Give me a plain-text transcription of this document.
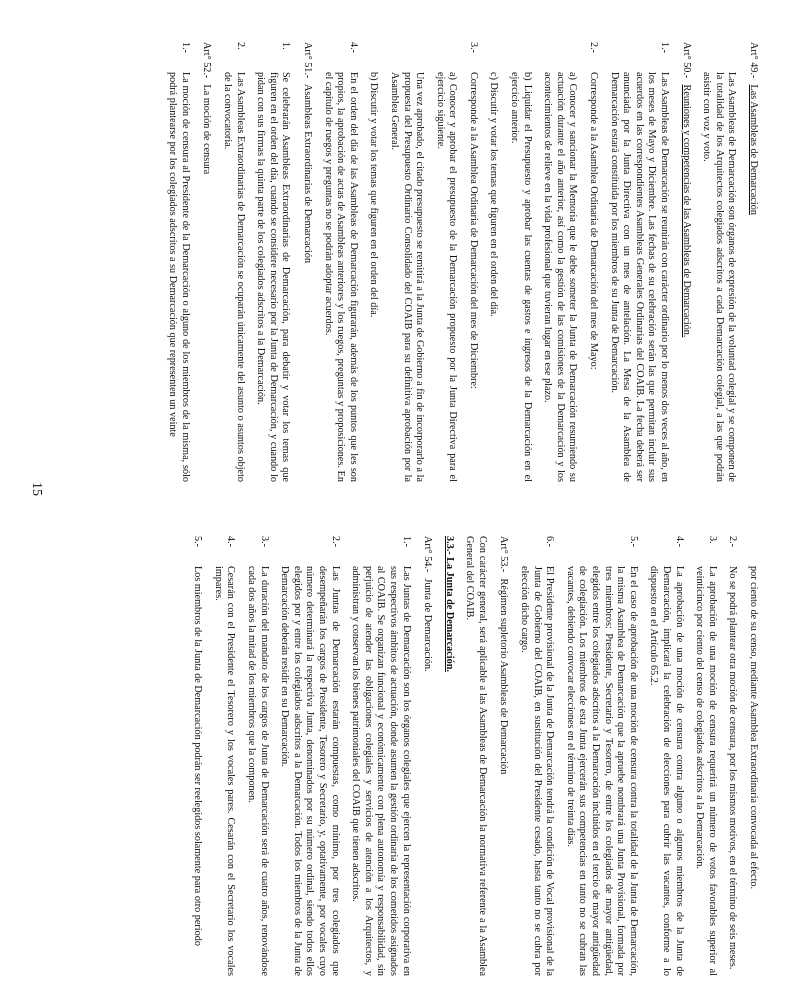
Art° 49.- Las Asambleas de Demarcación
Las Asambleas de Demarcación son órganos de expresión de la voluntad colegial y se componen de la totalidad de los Arquitectos colegiados adscritos a cada Demarcación colegial, a las que podrán asistir con voz y voto.
Art° 50.- Reuniones y competencias de las Asambleas de Demarcación.
1.-
Las Asambleas de Demarcación se reunirán con carácter ordinario por lo menos dos veces al año, en los meses de Mayo y Diciembre. Las fechas de su celebración serán las que permitan incluir sus acuerdos en las correspondientes Asambleas Generales Ordinarias del COAIB. La fecha deberá ser anunciada por la Junta Directiva con un mes de antelación. La Mesa de la Asamblea de Demarcación estará constituida por los miembros de su Junta de Demarcación.
2.-
Corresponde a la Asamblea Ordinaria de Demarcación del mes de Mayo:
a) Conocer y sancionar la Memoria que le debe someter la Junta de Demarcación resumiendo su actuación durante el año anterior, así como la gestión de las comisiones de la Demarcación y los acontecimientos de relieve en la vida profesional que tuvieran lugar en ese plazo.
b) Liquidar el Presupuesto y aprobar las cuentas de gastos e ingresos de la Demarcación en el ejercicio anterior.
c) Discutir y votar los temas que figuren en el orden del día.
3.-
Corresponde a la Asamblea Ordinaria de Demarcación del mes de Diciembre:
a) Conocer y aprobar el presupuesto de la Demarcación propuesto por la Junta Directiva para el ejercicio siguiente.
Una vez aprobado, el citado presupuesto se remitirá a la Junta de Gobierno a fin de incorporarlo a la propuesta del Presupuesto Ordinario Consolidado del COAIB para su definitiva aprobación por la Asamblea General.
b) Discutir y votar los temas que figuren en el orden del día.
4.-
En el orden del día de las Asambleas de Demarcación figurarán, además de los puntos que les son propios, la aprobación de actas de Asambleas anteriores y los ruegos, preguntas y proposiciones. En el capítulo de ruegos y preguntas no se podrán adoptar acuerdos.
Art° 51.- Asambleas Extraordinarias de Demarcación
1.
Se celebrarán Asambleas Extraordinarias de Demarcación, para debatir y votar los temas que figuren en el orden del día, cuando se considere necesario por la Junta de Demarcación, y cuando lo pidan con sus firmas la quinta parte de los colegiados adscritos a la Demarcación.
2.
Las Asambleas Extraordinarias de Demarcación se ocuparán únicamente del asunto o asuntos objeto de la convocatoria.
Art° 52.- La moción de censura
1.-
La moción de censura al Presidente de la Demarcación o alguno de los miembros de la misma, sólo podrá plantearse por los colegiados adscritos a su Demarcación que representen un veinte
por ciento de su censo, mediante Asamblea Extraordinaria convocada al efecto.
2.-
No se podrá plantear otra moción de censura, por los mismos motivos, en el término de seis meses.
3.
La aprobación de una moción de censura requerirá un número de votos favorables superior al veinticinco por ciento del censo de colegiados adscritos a la Demarcación.
4.-
La aprobación de una moción de censura contra alguno o algunos miembros de la Junta de Demarcación, implicará la celebración de elecciones para cubrir las vacantes, conforme a lo dispuesto en el Artículo 65.2.
5.-
En el caso de aprobación de una moción de censura contra la totalidad de la Junta de Demarcación, la misma Asamblea de Demarcación que la apruebe nombrará una Junta Provisional, formada por tres miembros: Presidente, Secretario y Tesorero, de entre los colegiados de mayor antigüedad, elegidos entre los colegiados adscritos a la Demarcación incluidos en el tercio de mayor antigüedad de colegiación. Los miembros de esta Junta ejercerán sus competencias en tanto no se cubran las vacantes, debiendo convocar elecciones en el término de treinta días.
6.-
El Presidente provisional de la Junta de Demarcación tendrá la condición de Vocal provisional de la Junta de Gobierno del COAIB, en sustitución del Presidente cesado, hasta tanto no se cubra por elección dicho cargo.
Art° 53.- Régimen supletorio Asambleas de Demarcación
Con carácter general, será aplicable a las Asambleas de Demarcación la normativa referente a la Asamblea General del COAIB.
3.3.- La Junta de Demarcación.
Art° 54.- Junta de Demarcación.
1.-
Las Juntas de Demarcación son los órganos colegiales que ejercen la representación corporativa en sus respectivos ámbitos de actuación, donde asumen la gestión ordinaria de los cometidos asignados al COAIB. Se organizan funcional y económicamente con plena autonomía y responsabilidad, sin perjuicio de atender las obligaciones colegiales y servicios de atención a los Arquitectos, y administran y conservan los bienes patrimoniales del COAIB que tienen adscritos.
2.-
Las Juntas de Demarcación estarán compuestas, como mínimo, por tres colegiados que desempeñarán los cargos de Presidente, Tesorero y Secretario, y, optativamente, por vocales cuyo número determinará la respectiva Junta, denominados por su número ordinal, siendo todos ellos elegidos por y entre los colegiados adscritos a la Demarcación. Todos los miembros de la Junta de Demarcación deberán residir en su Demarcación.
3.-
La duración del mandato de los cargos de Junta de Demarcación será de cuatro años, renovándose cada dos años la mitad de los miembros que la componen.
4.-
Cesarán con el Presidente el Tesorero y los vocales pares. Cesarán con el Secretario los vocales impares.
5.-
Los miembros de la Junta de Demarcación podrán ser reelegidos solamente para otro período
15
